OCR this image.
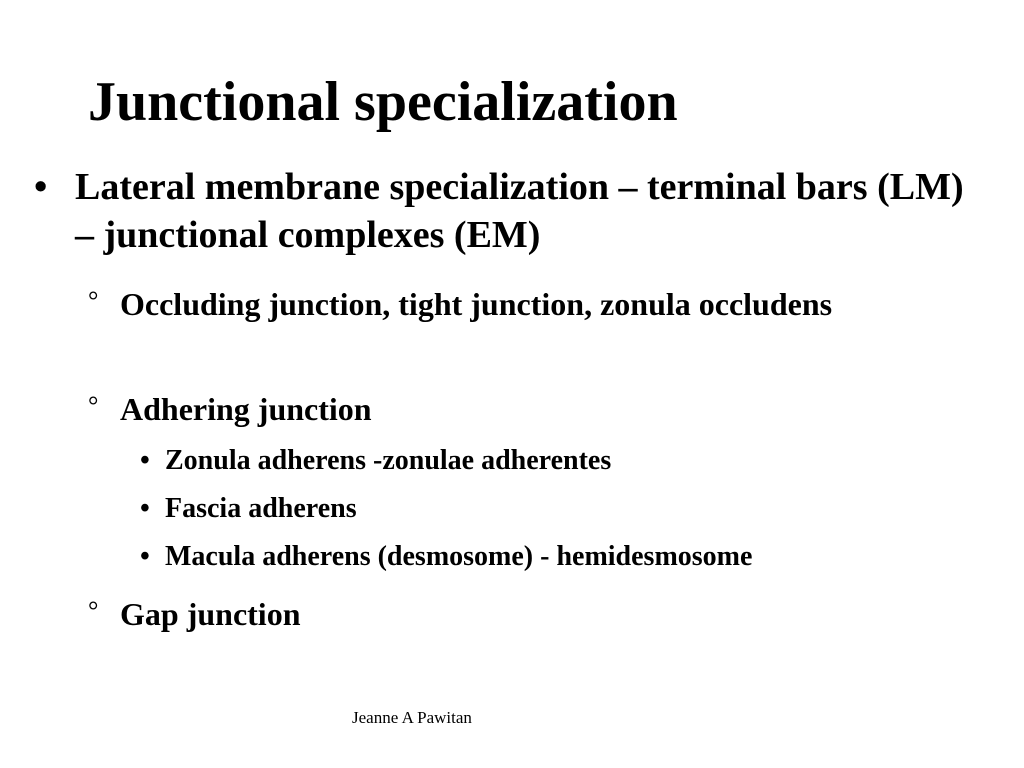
Junctional specialization
• Lateral membrane specialization – terminal bars (LM) – junctional complexes (EM)
° Occluding junction, tight junction, zonula occludens
° Adhering junction
• Zonula adherens -zonulae adherentes
• Fascia adherens
• Macula adherens (desmosome) - hemidesmosome
° Gap junction
Jeanne A Pawitan
